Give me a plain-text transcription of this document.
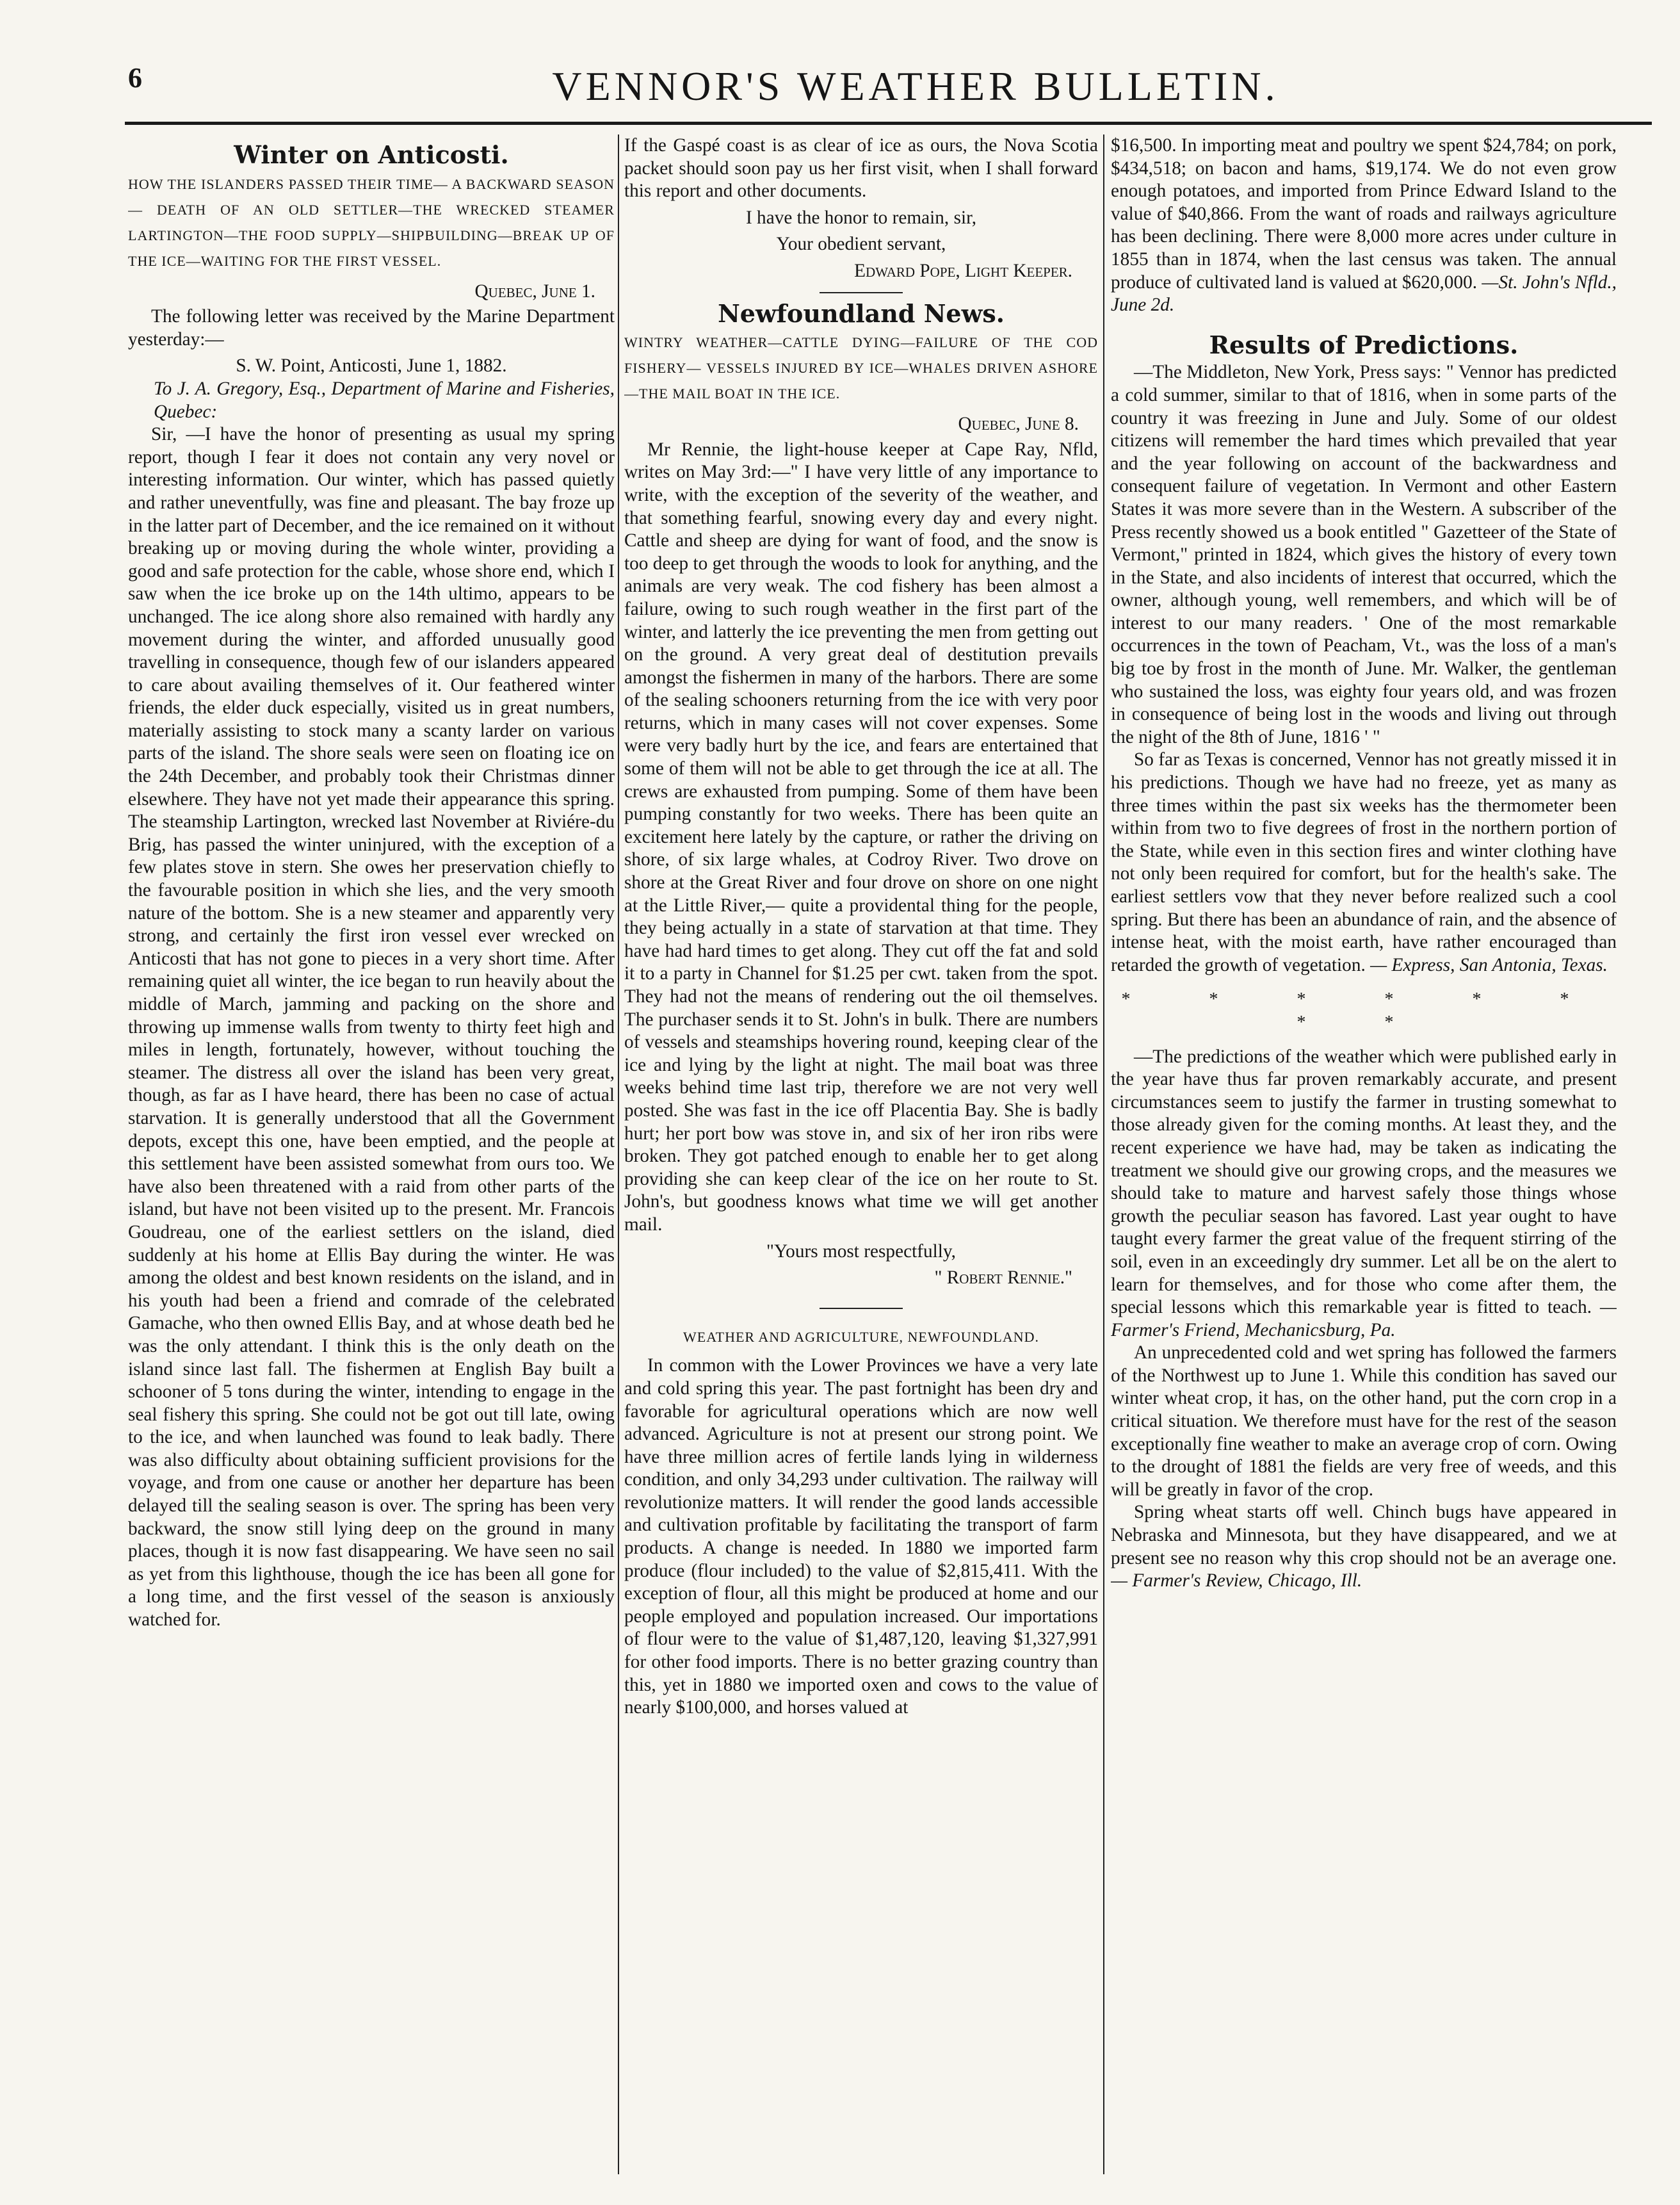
6	VENNOR'S WEATHER BULLETIN.
Winter on Anticosti.

HOW THE ISLANDERS PASSED THEIR TIME— A BACKWARD SEASON— DEATH OF AN OLD SETTLER—THE WRECKED STEAMER LARTINGTON—THE FOOD SUPPLY—SHIPBUILDING—BREAK UP OF THE ICE—WAITING FOR THE FIRST VESSEL.

Quebec, June 1.

The following letter was received by the Marine Department yesterday:—

S. W. Point, Anticosti, June 1, 1882.

To J. A. Gregory, Esq., Department of Marine and Fisheries, Quebec:

Sir, —I have the honor of presenting as usual my spring report, though I fear it does not contain any very novel or interesting information. Our winter, which has passed quietly and rather uneventfully, was fine and pleasant. The bay froze up in the latter part of December, and the ice remained on it without breaking up or moving during the whole winter, providing a good and safe protection for the cable, whose shore end, which I saw when the ice broke up on the 14th ultimo, appears to be unchanged. The ice along shore also remained with hardly any movement during the winter, and afforded unusually good travelling in consequence, though few of our islanders appeared to care about availing themselves of it. Our feathered winter friends, the elder duck especially, visited us in great numbers, materially assisting to stock many a scanty larder on various parts of the island. The shore seals were seen on floating ice on the 24th December, and probably took their Christmas dinner elsewhere. They have not yet made their appearance this spring. The steamship Lartington, wrecked last November at Riviére-du Brig, has passed the winter uninjured, with the exception of a few plates stove in stern. She owes her preservation chiefly to the favourable position in which she lies, and the very smooth nature of the bottom. She is a new steamer and apparently very strong, and certainly the first iron vessel ever wrecked on Anticosti that has not gone to pieces in a very short time. After remaining quiet all winter, the ice began to run heavily about the middle of March, jamming and packing on the shore and throwing up immense walls from twenty to thirty feet high and miles in length, fortunately, however, without touching the steamer. The distress all over the island has been very great, though, as far as I have heard, there has been no case of actual starvation. It is generally understood that all the Government depots, except this one, have been emptied, and the people at this settlement have been assisted somewhat from ours too. We have also been threatened with a raid from other parts of the island, but have not been visited up to the present. Mr. Francois Goudreau, one of the earliest settlers on the island, died suddenly at his home at Ellis Bay during the winter. He was among the oldest and best known residents on the island, and in his youth had been a friend and comrade of the celebrated Gamache, who then owned Ellis Bay, and at whose death bed he was the only attendant. I think this is the only death on the island since last fall. The fishermen at English Bay built a schooner of 5 tons during the winter, intending to engage in the seal fishery this spring. She could not be got out till late, owing to the ice, and when launched was found to leak badly. There was also difficulty about obtaining sufficient provisions for the voyage, and from one cause or another her departure has been delayed till the sealing season is over. The spring has been very backward, the snow still lying deep on the ground in many places, though it is now fast disappearing. We have seen no sail as yet from this lighthouse, though the ice has been all gone for a long time, and the first vessel of the season is anxiously watched for.

If the Gaspé coast is as clear of ice as ours, the Nova Scotia packet should soon pay us her first visit, when I shall forward this report and other documents.

I have the honor to remain, sir,

Your obedient servant,

Edward Pope, Light Keeper.

Newfoundland News.

WINTRY WEATHER—CATTLE DYING—FAILURE OF THE COD FISHERY— VESSELS INJURED BY ICE—WHALES DRIVEN ASHORE—THE MAIL BOAT IN THE ICE.

Quebec, June 8.

Mr Rennie, the light-house keeper at Cape Ray, Nfld, writes on May 3rd:—" I have very little of any importance to write, with the exception of the severity of the weather, and that something fearful, snowing every day and every night. Cattle and sheep are dying for want of food, and the snow is too deep to get through the woods to look for anything, and the animals are very weak. The cod fishery has been almost a failure, owing to such rough weather in the first part of the winter, and latterly the ice preventing the men from getting out on the ground. A very great deal of destitution prevails amongst the fishermen in many of the harbors. There are some of the sealing schooners returning from the ice with very poor returns, which in many cases will not cover expenses. Some were very badly hurt by the ice, and fears are entertained that some of them will not be able to get through the ice at all. The crews are exhausted from pumping. Some of them have been pumping constantly for two weeks. There has been quite an excitement here lately by the capture, or rather the driving on shore, of six large whales, at Codroy River. Two drove on shore at the Great River and four drove on shore on one night at the Little River,— quite a providental thing for the people, they being actually in a state of starvation at that time. They have had hard times to get along. They cut off the fat and sold it to a party in Channel for $1.25 per cwt. taken from the spot. They had not the means of rendering out the oil themselves. The purchaser sends it to St. John's in bulk. There are numbers of vessels and steamships hovering round, keeping clear of the ice and lying by the light at night. The mail boat was three weeks behind time last trip, therefore we are not very well posted. She was fast in the ice off Placentia Bay. She is badly hurt; her port bow was stove in, and six of her iron ribs were broken. They got patched enough to enable her to get along providing she can keep clear of the ice on her route to St. John's, but goodness knows what time we will get another mail.

"Yours most respectfully,

" Robert Rennie."

WEATHER AND AGRICULTURE, NEWFOUNDLAND.

In common with the Lower Provinces we have a very late and cold spring this year. The past fortnight has been dry and favorable for agricultural operations which are now well advanced. Agriculture is not at present our strong point. We have three million acres of fertile lands lying in wilderness condition, and only 34,293 under cultivation. The railway will revolutionize matters. It will render the good lands accessible and cultivation profitable by facilitating the transport of farm products. A change is needed. In 1880 we imported farm produce (flour included) to the value of $2,815,411. With the exception of flour, all this might be produced at home and our people employed and population increased. Our importations of flour were to the value of $1,487,120, leaving $1,327,991 for other food imports. There is no better grazing country than this, yet in 1880 we imported oxen and cows to the value of nearly $100,000, and horses valued at

$16,500. In importing meat and poultry we spent $24,784; on pork, $434,518; on bacon and hams, $19,174. We do not even grow enough potatoes, and imported from Prince Edward Island to the value of $40,866. From the want of roads and railways agriculture has been declining. There were 8,000 more acres under culture in 1855 than in 1874, when the last census was taken. The annual produce of cultivated land is valued at $620,000. —St. John's Nfld., June 2d.

Results of Predictions.

—The Middleton, New York, Press says: " Vennor has predicted a cold summer, similar to that of 1816, when in some parts of the country it was freezing in June and July. Some of our oldest citizens will remember the hard times which prevailed that year and the year following on account of the backwardness and consequent failure of vegetation. In Vermont and other Eastern States it was more severe than in the Western. A subscriber of the Press recently showed us a book entitled " Gazetteer of the State of Vermont," printed in 1824, which gives the history of every town in the State, and also incidents of interest that occurred, which the owner, although young, well remembers, and which will be of interest to our many readers. ' One of the most remarkable occurrences in the town of Peacham, Vt., was the loss of a man's big toe by frost in the month of June. Mr. Walker, the gentleman who sustained the loss, was eighty four years old, and was frozen in consequence of being lost in the woods and living out through the night of the 8th of June, 1816 ' "

So far as Texas is concerned, Vennor has not greatly missed it in his predictions. Though we have had no freeze, yet as many as three times within the past six weeks has the thermometer been within from two to five degrees of frost in the northern portion of the State, while even in this section fires and winter clothing have not only been required for comfort, but for the health's sake. The earliest settlers vow that they never before realized such a cool spring. But there has been an abundance of rain, and the absence of intense heat, with the moist earth, have rather encouraged than retarded the growth of vegetation. — Express, San Antonia, Texas.

* * * * * * * *

—The predictions of the weather which were published early in the year have thus far proven remarkably accurate, and present circumstances seem to justify the farmer in trusting somewhat to those already given for the coming months. At least they, and the recent experience we have had, may be taken as indicating the treatment we should give our growing crops, and the measures we should take to mature and harvest safely those things whose growth the peculiar season has favored. Last year ought to have taught every farmer the great value of the frequent stirring of the soil, even in an exceedingly dry summer. Let all be on the alert to learn for themselves, and for those who come after them, the special lessons which this remarkable year is fitted to teach. — Farmer's Friend, Mechanicsburg, Pa.

An unprecedented cold and wet spring has followed the farmers of the Northwest up to June 1. While this condition has saved our winter wheat crop, it has, on the other hand, put the corn crop in a critical situation. We therefore must have for the rest of the season exceptionally fine weather to make an average crop of corn. Owing to the drought of 1881 the fields are very free of weeds, and this will be greatly in favor of the crop.

Spring wheat starts off well. Chinch bugs have appeared in Nebraska and Minnesota, but they have disappeared, and we at present see no reason why this crop should not be an average one. — Farmer's Review, Chicago, Ill.
